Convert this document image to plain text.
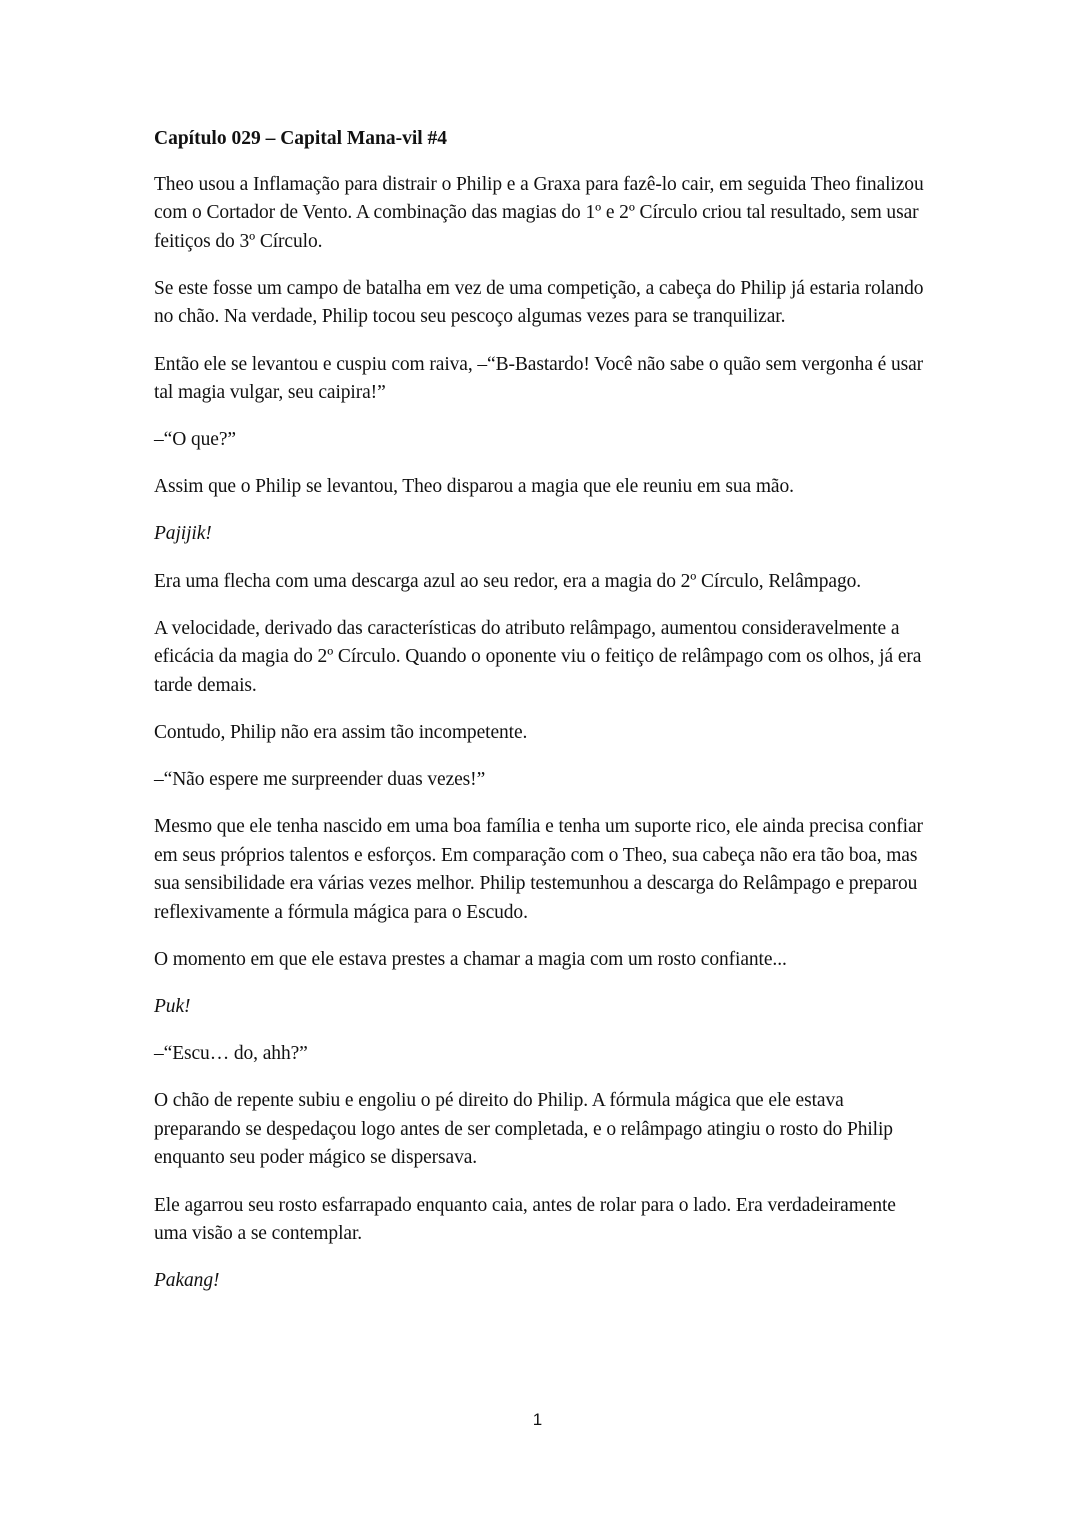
Capítulo 029 – Capital Mana-vil #4

Theo usou a Inflamação para distrair o Philip e a Graxa para fazê-lo cair, em seguida Theo finalizou com o Cortador de Vento. A combinação das magias do 1º e 2º Círculo criou tal resultado, sem usar feitiços do 3º Círculo.

Se este fosse um campo de batalha em vez de uma competição, a cabeça do Philip já estaria rolando no chão. Na verdade, Philip tocou seu pescoço algumas vezes para se tranquilizar.

Então ele se levantou e cuspiu com raiva, –“B-Bastardo! Você não sabe o quão sem vergonha é usar tal magia vulgar, seu caipira!”

–“O que?”

Assim que o Philip se levantou, Theo disparou a magia que ele reuniu em sua mão.

Pajijik!

Era uma flecha com uma descarga azul ao seu redor, era a magia do 2º Círculo, Relâmpago.

A velocidade, derivado das características do atributo relâmpago, aumentou consideravelmente a eficácia da magia do 2º Círculo. Quando o oponente viu o feitiço de relâmpago com os olhos, já era tarde demais.

Contudo, Philip não era assim tão incompetente.

–“Não espere me surpreender duas vezes!”

Mesmo que ele tenha nascido em uma boa família e tenha um suporte rico, ele ainda precisa confiar em seus próprios talentos e esforços. Em comparação com o Theo, sua cabeça não era tão boa, mas sua sensibilidade era várias vezes melhor. Philip testemunhou a descarga do Relâmpago e preparou reflexivamente a fórmula mágica para o Escudo.

O momento em que ele estava prestes a chamar a magia com um rosto confiante...

Puk!

–“Escu… do, ahh?”

O chão de repente subiu e engoliu o pé direito do Philip. A fórmula mágica que ele estava preparando se despedaçou logo antes de ser completada, e o relâmpago atingiu o rosto do Philip enquanto seu poder mágico se dispersava.

Ele agarrou seu rosto esfarrapado enquanto caia, antes de rolar para o lado. Era verdadeiramente uma visão a se contemplar.

Pakang!

1
